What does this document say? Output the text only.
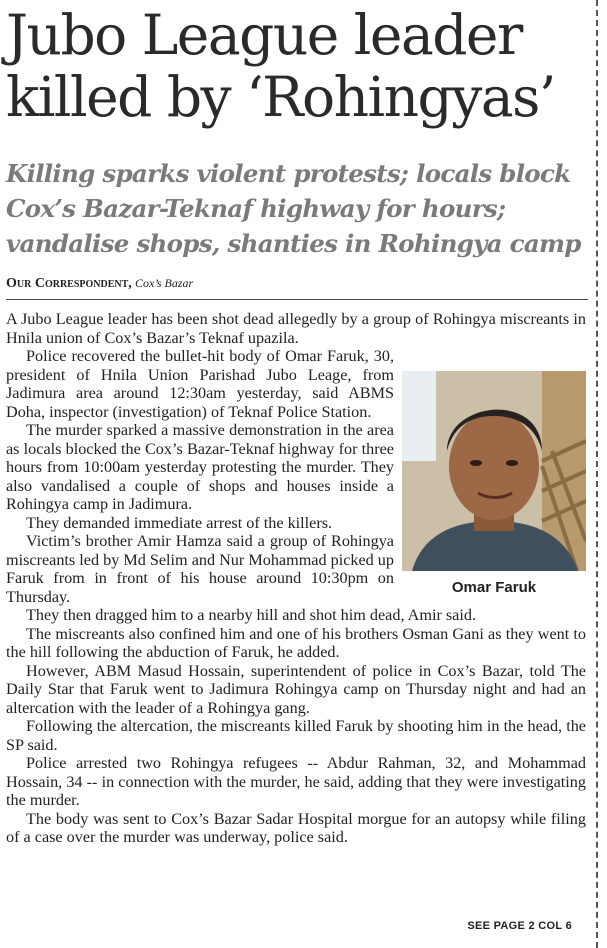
Jubo League leader killed by ‘Rohingyas’
Killing sparks violent protests; locals block Cox’s Bazar-Teknaf highway for hours; vandalise shops, shanties in Rohingya camp
Our Correspondent, Cox’s Bazar

A Jubo League leader has been shot dead allegedly by a group of Rohingya miscreants in Hnila union of Cox’s Bazar’s Teknaf upazila.

Omar Faruk

Police recovered the bullet-hit body of Omar Faruk, 30, president of Hnila Union Parishad Jubo Leage, from Jadimura area around 12:30am yesterday, said ABMS Doha, inspector (investigation) of Teknaf Police Station.

The murder sparked a massive demonstration in the area as locals blocked the Cox’s Bazar-Teknaf highway for three hours from 10:00am yesterday protesting the murder. They also vandalised a couple of shops and houses inside a Rohingya camp in Jadimura.

They demanded immediate arrest of the killers.

Victim’s brother Amir Hamza said a group of Rohingya miscreants led by Md Selim and Nur Mohammad picked up Faruk from in front of his house around 10:30pm on Thursday.

They then dragged him to a nearby hill and shot him dead, Amir said.

The miscreants also confined him and one of his brothers Osman Gani as they went to the hill following the abduction of Faruk, he added.

However, ABM Masud Hossain, superintendent of police in Cox’s Bazar, told The Daily Star that Faruk went to Jadimura Rohingya camp on Thursday night and had an altercation with the leader of a Rohingya gang.

Following the altercation, the miscreants killed Faruk by shooting him in the head, the SP said.

Police arrested two Rohingya refugees -- Abdur Rahman, 32, and Mohammad Hossain, 34 -- in connection with the murder, he said, adding that they were investigating the murder.

The body was sent to Cox’s Bazar Sadar Hospital morgue for an autopsy while filing of a case over the murder was underway, police said.

SEE PAGE 2 COL 6
